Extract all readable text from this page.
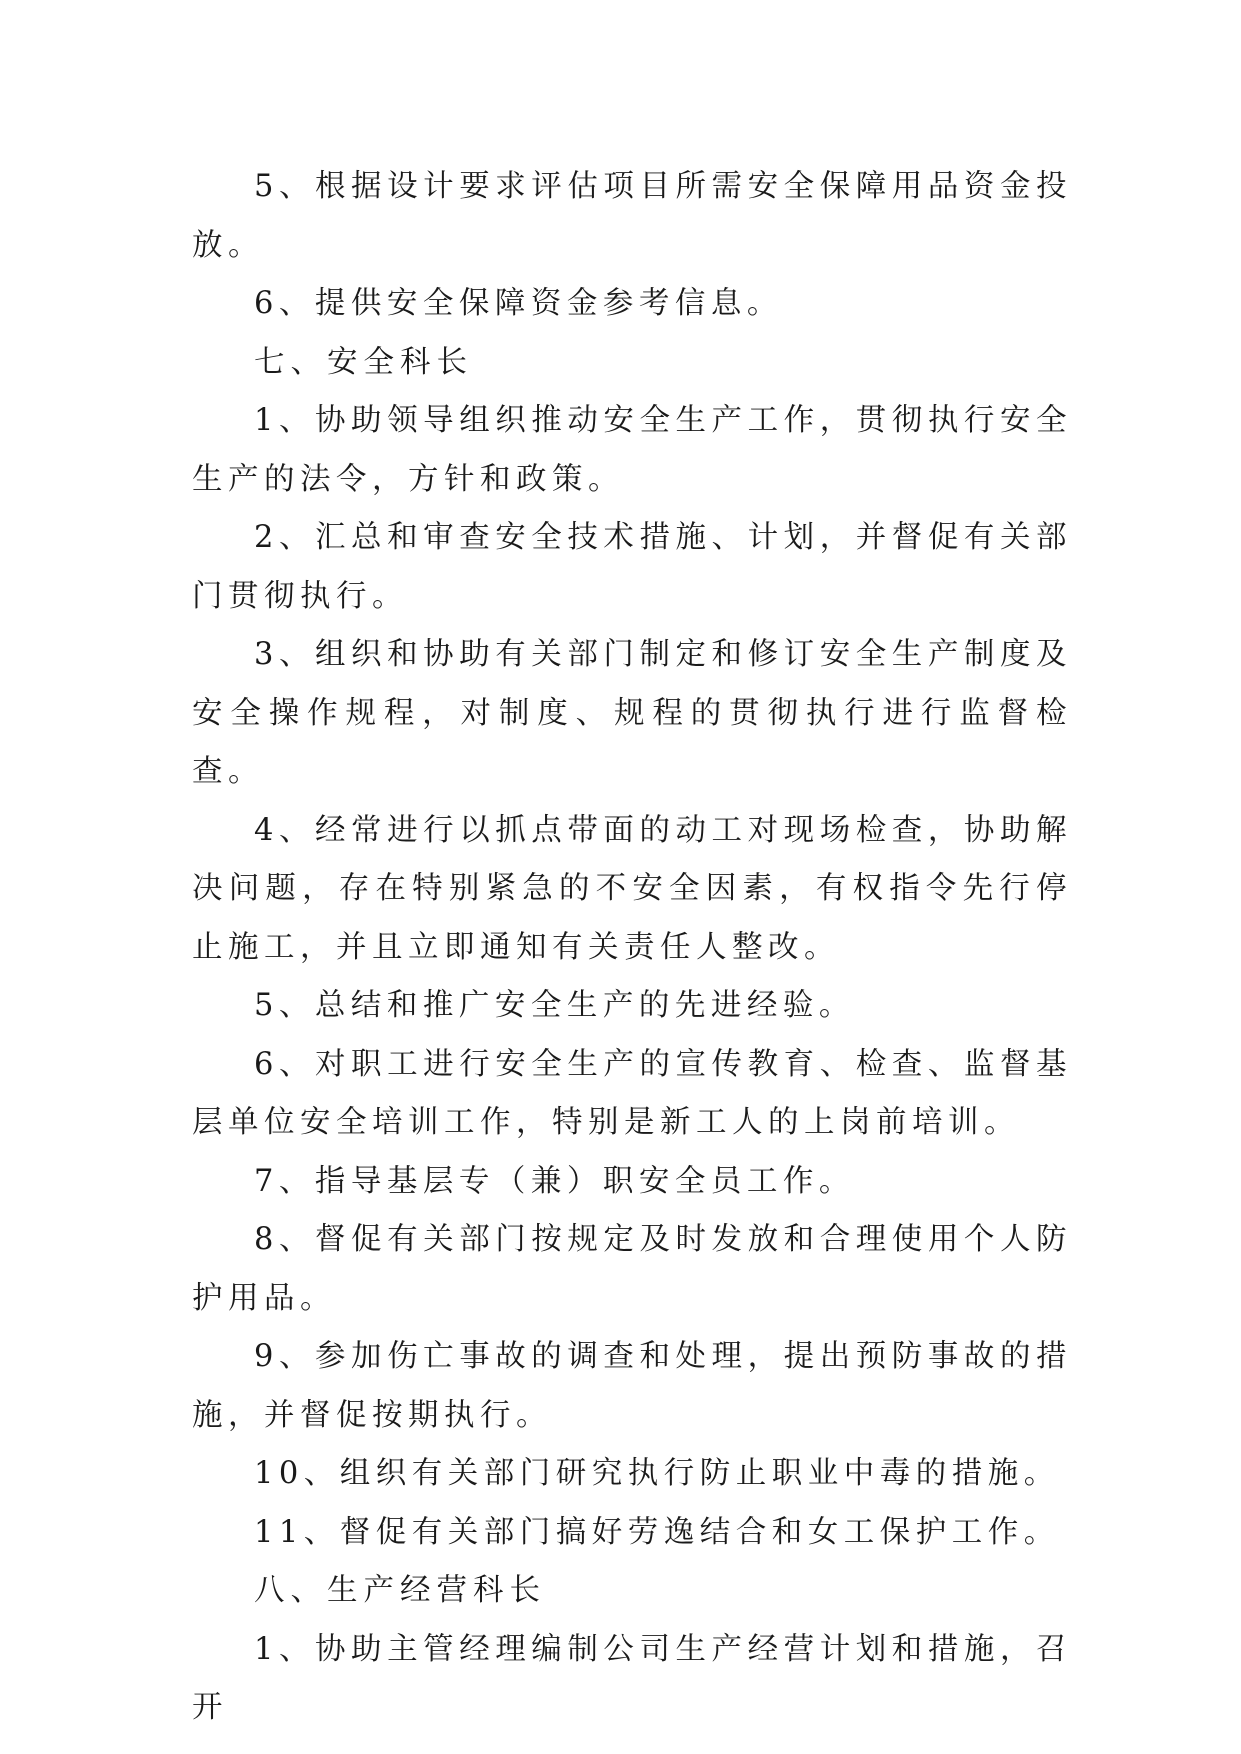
5、根据设计要求评估项目所需安全保障用品资金投放。

6、提供安全保障资金参考信息。

七、安全科长

1、协助领导组织推动安全生产工作，贯彻执行安全生产的法令，方针和政策。

2、汇总和审查安全技术措施、计划，并督促有关部门贯彻执行。

3、组织和协助有关部门制定和修订安全生产制度及安全操作规程，对制度、规程的贯彻执行进行监督检查。

4、经常进行以抓点带面的动工对现场检查，协助解决问题，存在特别紧急的不安全因素，有权指令先行停止施工，并且立即通知有关责任人整改。

5、总结和推广安全生产的先进经验。

6、对职工进行安全生产的宣传教育、检查、监督基层单位安全培训工作，特别是新工人的上岗前培训。

7、指导基层专（兼）职安全员工作。

8、督促有关部门按规定及时发放和合理使用个人防护用品。

9、参加伤亡事故的调查和处理，提出预防事故的措施，并督促按期执行。

10、组织有关部门研究执行防止职业中毒的措施。

11、督促有关部门搞好劳逸结合和女工保护工作。

八、生产经营科长

1、协助主管经理编制公司生产经营计划和措施，召开
